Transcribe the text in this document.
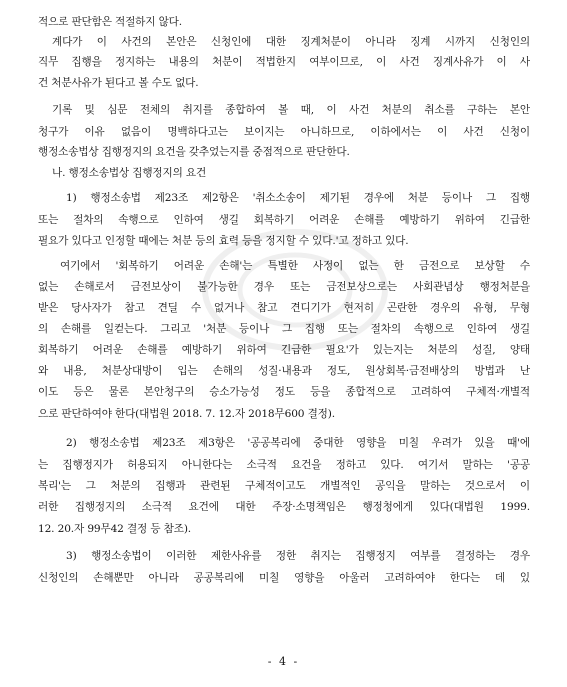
적으로 판단함은 적절하지 않다.
계다가 이 사건의 본안은 신청인에 대한 징계처분이 아니라 징계 시까지 신청인의
직무 집행을 정지하는 내용의 처분이 적법한지 여부이므로, 이 사건 징계사유가 이 사
건 처분사유가 된다고 볼 수도 없다.
기록 및 심문 전체의 취지를 종합하여 볼 때, 이 사건 처분의 취소를 구하는 본안
청구가 이유 없음이 명백하다고는 보이지는 아니하므로, 이하에서는 이 사건 신청이
행정소송법상 집행정지의 요건을 갖추었는지를 중점적으로 판단한다.
나. 행정소송법상 집행정지의 요건
1) 행정소송법 제23조 제2항은 '취소소송이 제기된 경우에 처분 등이나 그 집행
또는 절차의 속행으로 인하여 생길 회복하기 어려운 손해를 예방하기 위하여 긴급한
필요가 있다고 인정할 때에는 처분 등의 효력 등을 정지할 수 있다.'고 정하고 있다.
여기에서 '회복하기 어려운 손해'는 특별한 사정이 없는 한 금전으로 보상할 수
없는 손해로서 금전보상이 불가능한 경우 또는 금전보상으로는 사회관념상 행정처분을
받은 당사자가 참고 견딜 수 없거나 참고 견디기가 현저히 곤란한 경우의 유형, 무형
의 손해를 일컫는다. 그리고 '처분 등이나 그 집행 또는 절차의 속행으로 인하여 생길
회복하기 어려운 손해를 예방하기 위하여 긴급한 필요'가 있는지는 처분의 성질, 양태
와 내용, 처분상대방이 입는 손해의 성질·내용과 정도, 원상회복·금전배상의 방법과 난
이도 등은 물론 본안청구의 승소가능성 정도 등을 종합적으로 고려하여 구체적·개별적
으로 판단하여야 한다(대법원 2018. 7. 12.자 2018무600 결정).
2) 행정소송법 제23조 제3항은 '공공복리에 중대한 영향을 미칠 우려가 있을 때'에
는 집행정지가 허용되지 아니한다는 소극적 요건을 정하고 있다. 여기서 말하는 '공공
복리'는 그 처분의 집행과 관련된 구체적이고도 개별적인 공익을 말하는 것으로서 이
러한 집행정지의 소극적 요건에 대한 주장·소명책임은 행정청에게 있다(대법원 1999.
12. 20.자 99무42 결정 등 참조).
3) 행정소송법이 이러한 제한사유를 정한 취지는 집행정지 여부를 결정하는 경우
신청인의 손해뿐만 아니라 공공복리에 미칠 영향을 아울러 고려하여야 한다는 데 있
- 4 -
